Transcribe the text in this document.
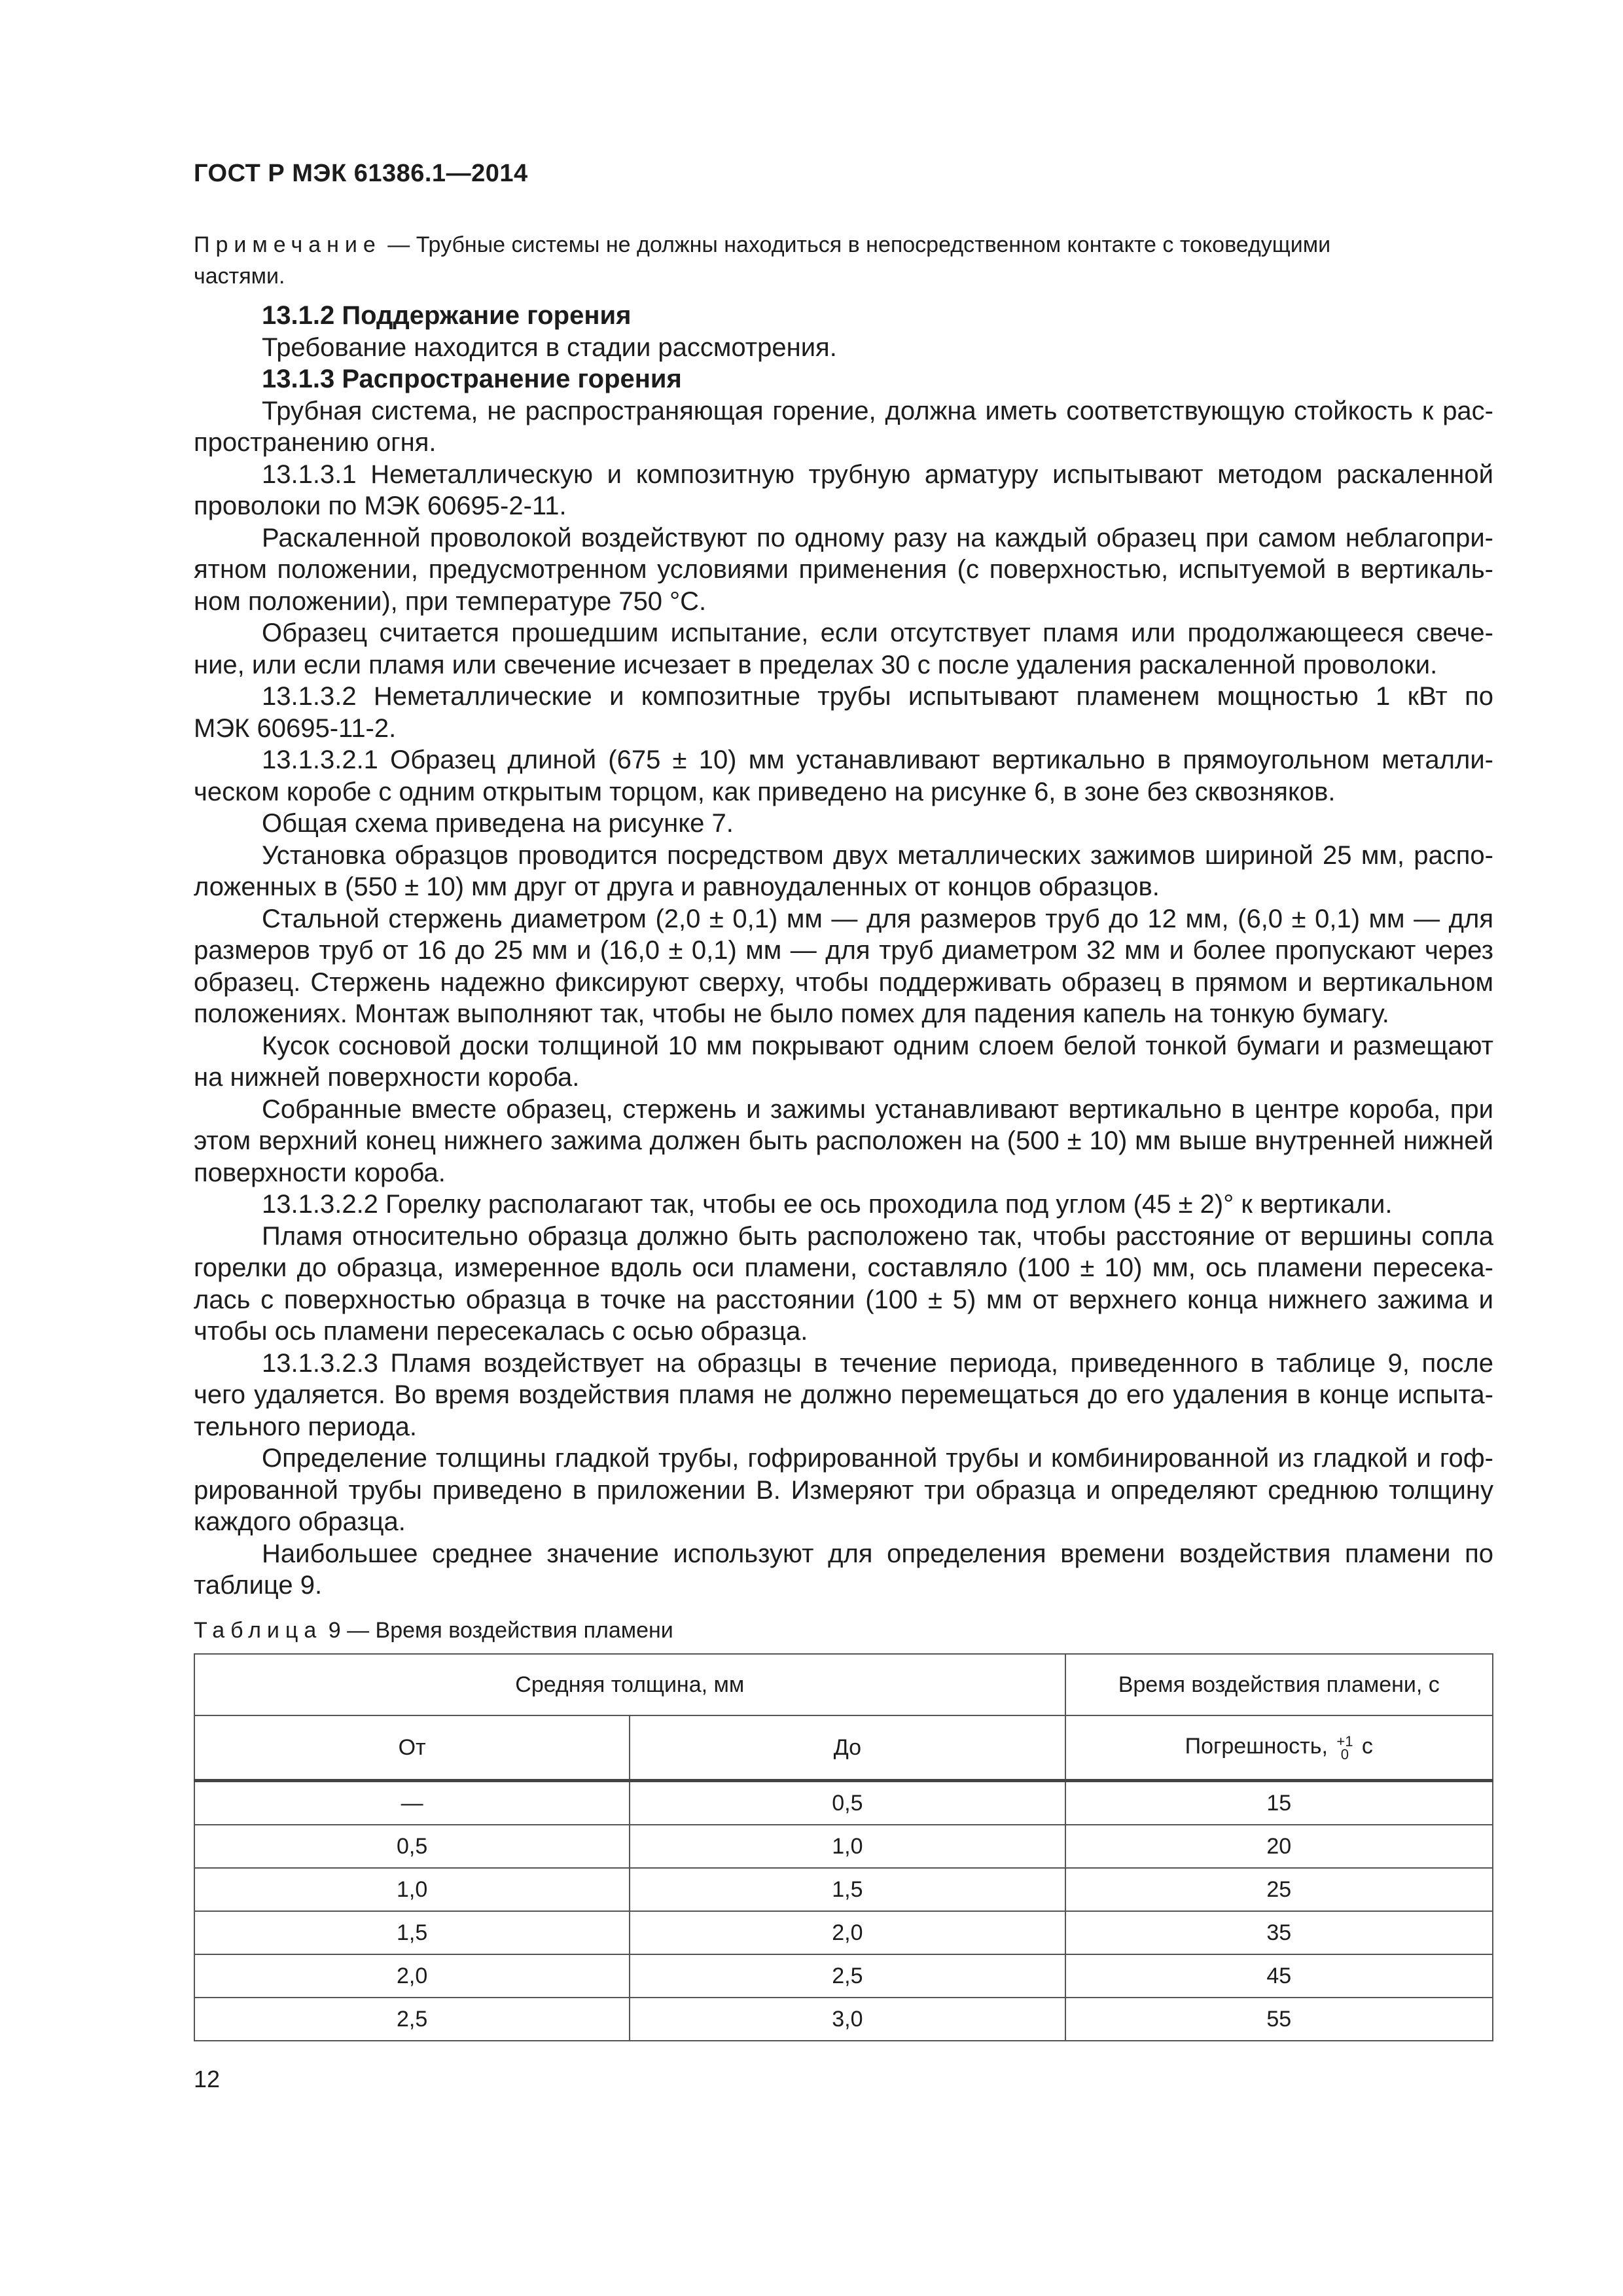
ГОСТ Р МЭК 61386.1—2014

Примечание — Трубные системы не должны находиться в непосредственном контакте с токоведущими
частями.

13.1.2 Поддержание горения
Требование находится в стадии рассмотрения.
13.1.3 Распространение горения
Трубная система, не распространяющая горение, должна иметь соответствующую стойкость к рас-
пространению огня.
13.1.3.1 Неметаллическую и композитную трубную арматуру испытывают методом раскаленной
проволоки по МЭК 60695-2-11.
Раскаленной проволокой воздействуют по одному разу на каждый образец при самом неблагопри-
ятном положении, предусмотренном условиями применения (с поверхностью, испытуемой в вертикаль-
ном положении), при температуре 750 °С.
Образец считается прошедшим испытание, если отсутствует пламя или продолжающееся свече-
ние, или если пламя или свечение исчезает в пределах 30 с после удаления раскаленной проволоки.
13.1.3.2 Неметаллические и композитные трубы испытывают пламенем мощностью 1 кВт по
МЭК 60695-11-2.
13.1.3.2.1 Образец длиной (675 ± 10) мм устанавливают вертикально в прямоугольном металли-
ческом коробе с одним открытым торцом, как приведено на рисунке 6, в зоне без сквозняков.
Общая схема приведена на рисунке 7.
Установка образцов проводится посредством двух металлических зажимов шириной 25 мм, распо-
ложенных в (550 ± 10) мм друг от друга и равноудаленных от концов образцов.
Стальной стержень диаметром (2,0 ± 0,1) мм — для размеров труб до 12 мм, (6,0 ± 0,1) мм — для
размеров труб от 16 до 25 мм и (16,0 ± 0,1) мм — для труб диаметром 32 мм и более пропускают через
образец. Стержень надежно фиксируют сверху, чтобы поддерживать образец в прямом и вертикальном
положениях. Монтаж выполняют так, чтобы не было помех для падения капель на тонкую бумагу.
Кусок сосновой доски толщиной 10 мм покрывают одним слоем белой тонкой бумаги и размещают
на нижней поверхности короба.
Собранные вместе образец, стержень и зажимы устанавливают вертикально в центре короба, при
этом верхний конец нижнего зажима должен быть расположен на (500 ± 10) мм выше внутренней нижней
поверхности короба.
13.1.3.2.2 Горелку располагают так, чтобы ее ось проходила под углом (45 ± 2)° к вертикали.
Пламя относительно образца должно быть расположено так, чтобы расстояние от вершины сопла
горелки до образца, измеренное вдоль оси пламени, составляло (100 ± 10) мм, ось пламени пересека-
лась с поверхностью образца в точке на расстоянии (100 ± 5) мм от верхнего конца нижнего зажима и
чтобы ось пламени пересекалась с осью образца.
13.1.3.2.3 Пламя воздействует на образцы в течение периода, приведенного в таблице 9, после
чего удаляется. Во время воздействия пламя не должно перемещаться до его удаления в конце испыта-
тельного периода.
Определение толщины гладкой трубы, гофрированной трубы и комбинированной из гладкой и гоф-
рированной трубы приведено в приложении В. Измеряют три образца и определяют среднюю толщину
каждого образца.
Наибольшее среднее значение используют для определения времени воздействия пламени по
таблице 9.

Таблица 9 — Время воздействия пламени

Средняя толщина, мм		Время воздействия пламени, с
От	До	Погрешность, +1
0 с
—	0,5	15
0,5	1,0	20
1,0	1,5	25
1,5	2,0	35
2,0	2,5	45
2,5	3,0	55

12
